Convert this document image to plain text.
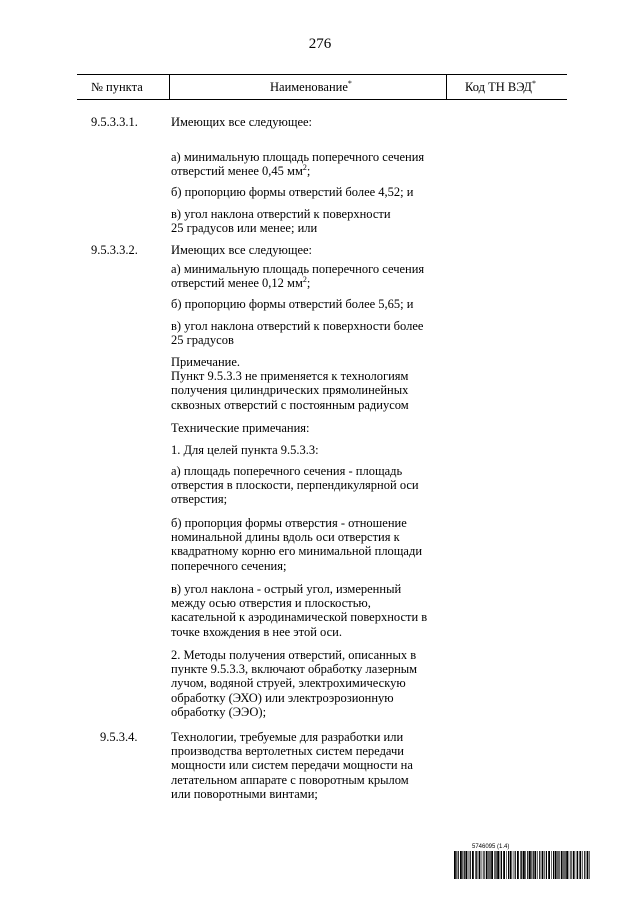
276
№ пункта	Наименование*	Код ТН ВЭД*
9.5.3.3.1.	Имеющих все следующее:
а) минимальную площадь поперечного сечения
отверстий менее 0,45 $мм^2$;
б) пропорцию формы отверстий более 4,52; и
в) угол наклона отверстий к поверхности
25 градусов или менее; или
9.5.3.3.2.	Имеющих все следующее:
а) минимальную площадь поперечного сечения
отверстий менее 0,12 $мм^2$;
б) пропорцию формы отверстий более 5,65; и
в) угол наклона отверстий к поверхности более
25 градусов
Примечание.
Пункт 9.5.3.3 не применяется к технологиям
получения цилиндрических прямолинейных
сквозных отверстий с постоянным радиусом
Технические примечания:
1. Для целей пункта 9.5.3.3:
а) площадь поперечного сечения - площадь
отверстия в плоскости, перпендикулярной оси
отверстия;
б) пропорция формы отверстия - отношение
номинальной длины вдоль оси отверстия к
квадратному корню его минимальной площади
поперечного сечения;
в) угол наклона - острый угол, измеренный
между осью отверстия и плоскостью,
касательной к аэродинамической поверхности в
точке вхождения в нее этой оси.
2. Методы получения отверстий, описанных в
пункте 9.5.3.3, включают обработку лазерным
лучом, водяной струей, электрохимическую
обработку (ЭХО) или электроэрозионную
обработку (ЭЭО);
9.5.3.4.	Технологии, требуемые для разработки или
производства вертолетных систем передачи
мощности или систем передачи мощности на
летательном аппарате с поворотным крылом
или поворотными винтами;
5746095 (1.4)
